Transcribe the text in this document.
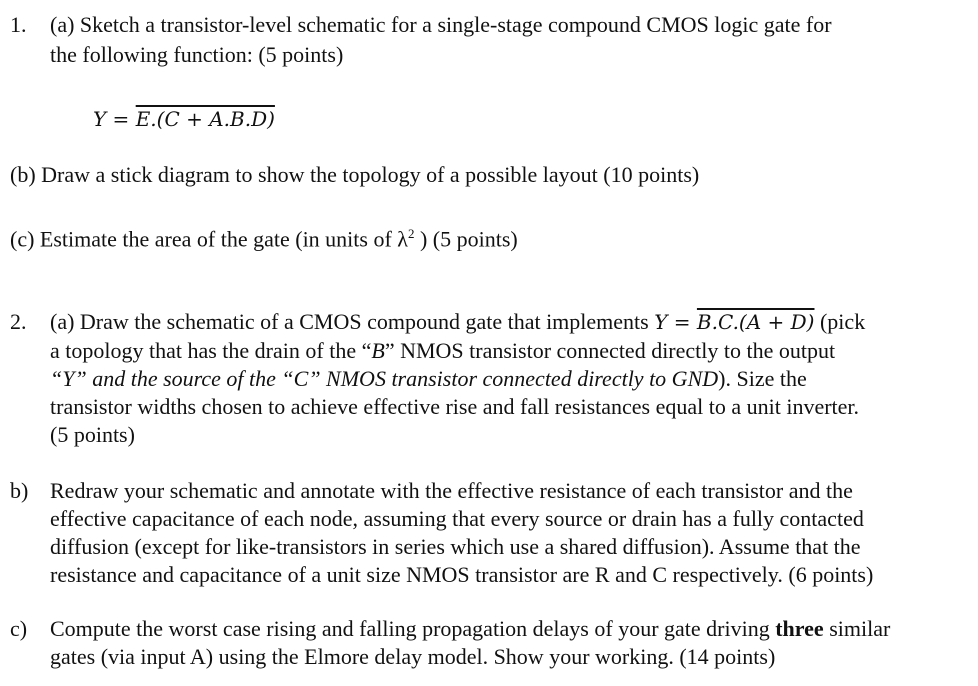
1. (a) Sketch a transistor-level schematic for a single-stage compound CMOS logic gate for
the following function: (5 points)
Y = E.(C + A.B.D)
(b) Draw a stick diagram to show the topology of a possible layout (10 points)
(c) Estimate the area of the gate (in units of $\lambda^2$ ) (5 points)
2. (a) Draw the schematic of a CMOS compound gate that implements Y = B.C.(A + D) (pick
a topology that has the drain of the “B” NMOS transistor connected directly to the output
“Y” and the source of the “C” NMOS transistor connected directly to GND). Size the
transistor widths chosen to achieve effective rise and fall resistances equal to a unit inverter.
(5 points)
b) Redraw your schematic and annotate with the effective resistance of each transistor and the
effective capacitance of each node, assuming that every source or drain has a fully contacted
diffusion (except for like-transistors in series which use a shared diffusion). Assume that the
resistance and capacitance of a unit size NMOS transistor are R and C respectively. (6 points)
c) Compute the worst case rising and falling propagation delays of your gate driving three similar
gates (via input A) using the Elmore delay model. Show your working. (14 points)
